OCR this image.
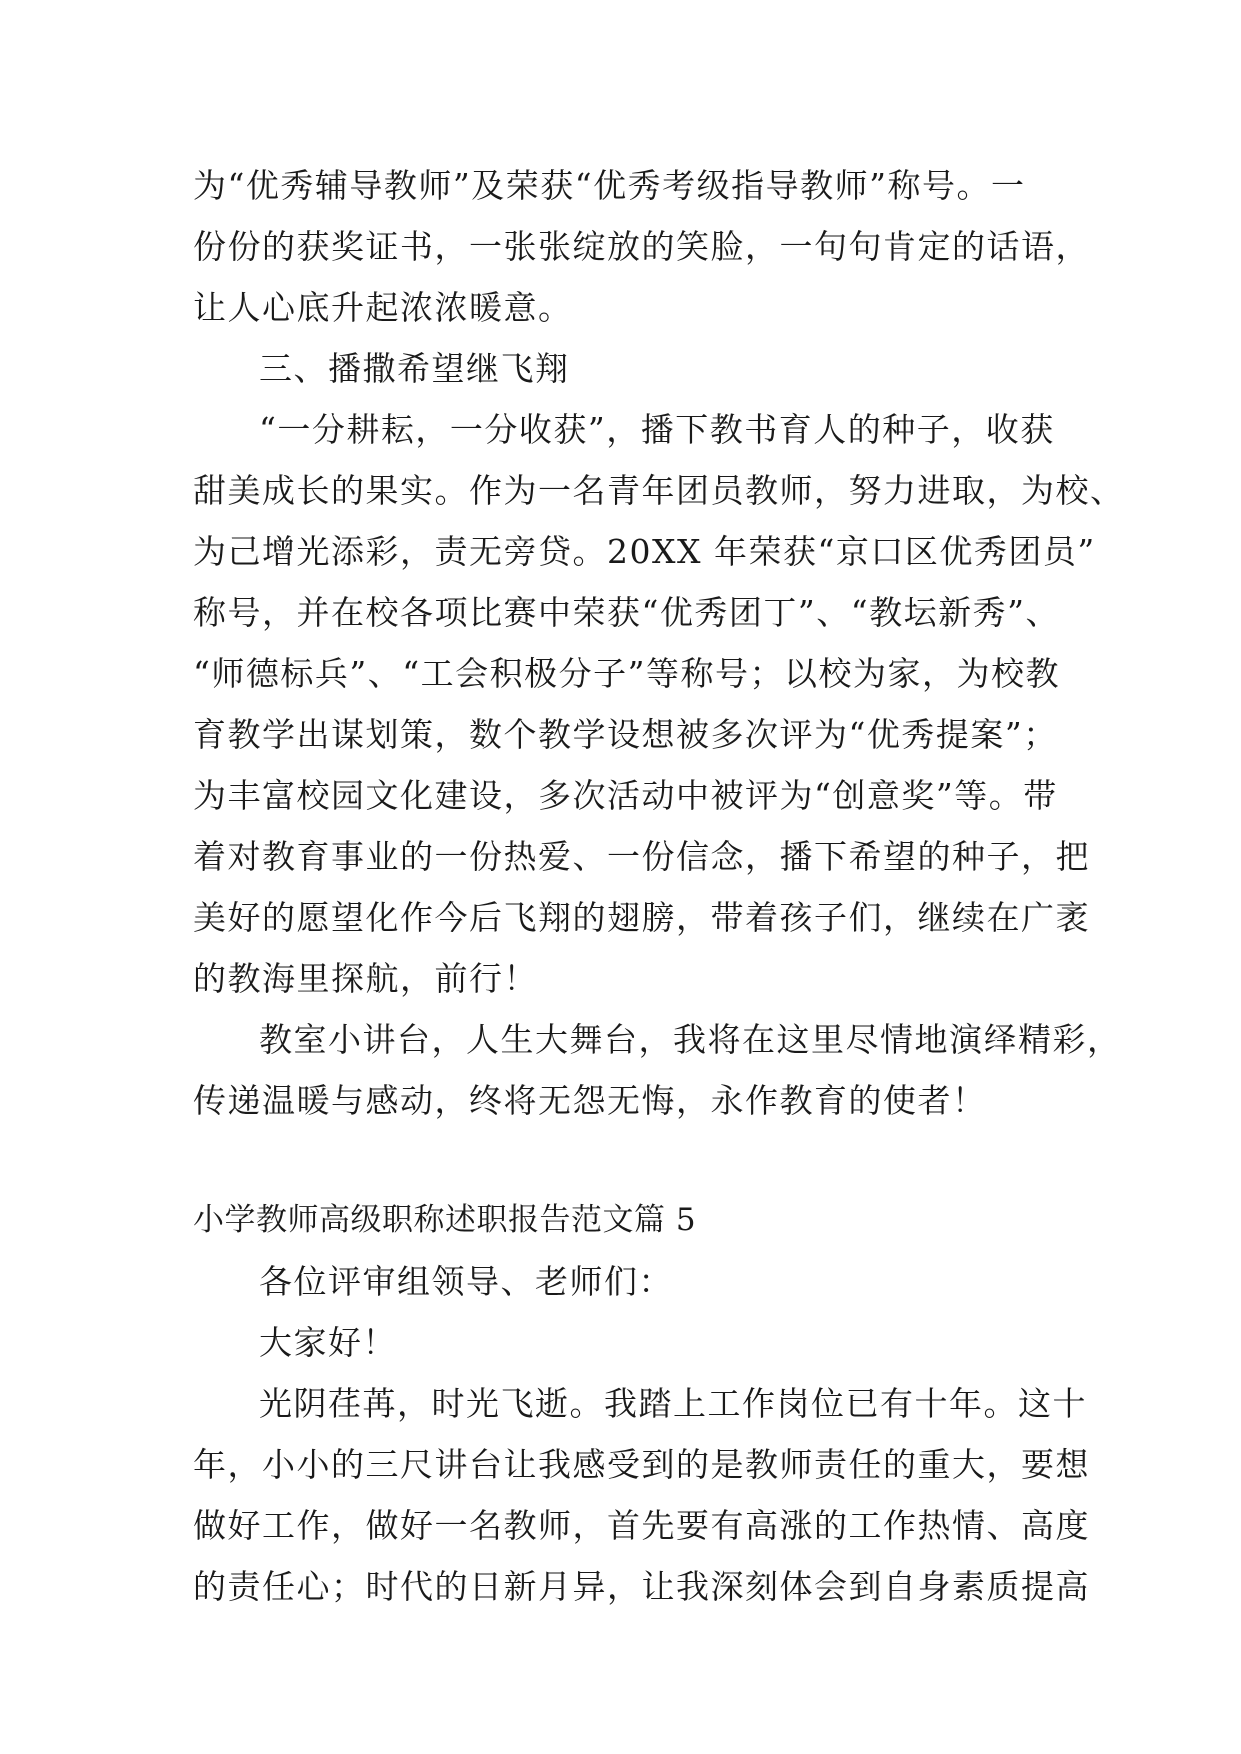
为“优秀辅导教师”及荣获“优秀考级指导教师”称号。一
份份的获奖证书，一张张绽放的笑脸，一句句肯定的话语，
让人心底升起浓浓暖意。
三、播撒希望继飞翔
“一分耕耘，一分收获”，播下教书育人的种子，收获
甜美成长的果实。作为一名青年团员教师，努力进取，为校、
为己增光添彩，责无旁贷。20XX 年荣获“京口区优秀团员”
称号，并在校各项比赛中荣获“优秀团丁”、“教坛新秀”、
“师德标兵”、“工会积极分子”等称号；以校为家，为校教
育教学出谋划策，数个教学设想被多次评为“优秀提案”；
为丰富校园文化建设，多次活动中被评为“创意奖”等。带
着对教育事业的一份热爱、一份信念，播下希望的种子，把
美好的愿望化作今后飞翔的翅膀，带着孩子们，继续在广袤
的教海里探航，前行！
教室小讲台，人生大舞台，我将在这里尽情地演绎精彩，
传递温暖与感动，终将无怨无悔，永作教育的使者！
小学教师高级职称述职报告范文篇 5
各位评审组领导、老师们：
大家好！
光阴荏苒，时光飞逝。我踏上工作岗位已有十年。这十
年，小小的三尺讲台让我感受到的是教师责任的重大，要想
做好工作，做好一名教师，首先要有高涨的工作热情、高度
的责任心；时代的日新月异，让我深刻体会到自身素质提高
